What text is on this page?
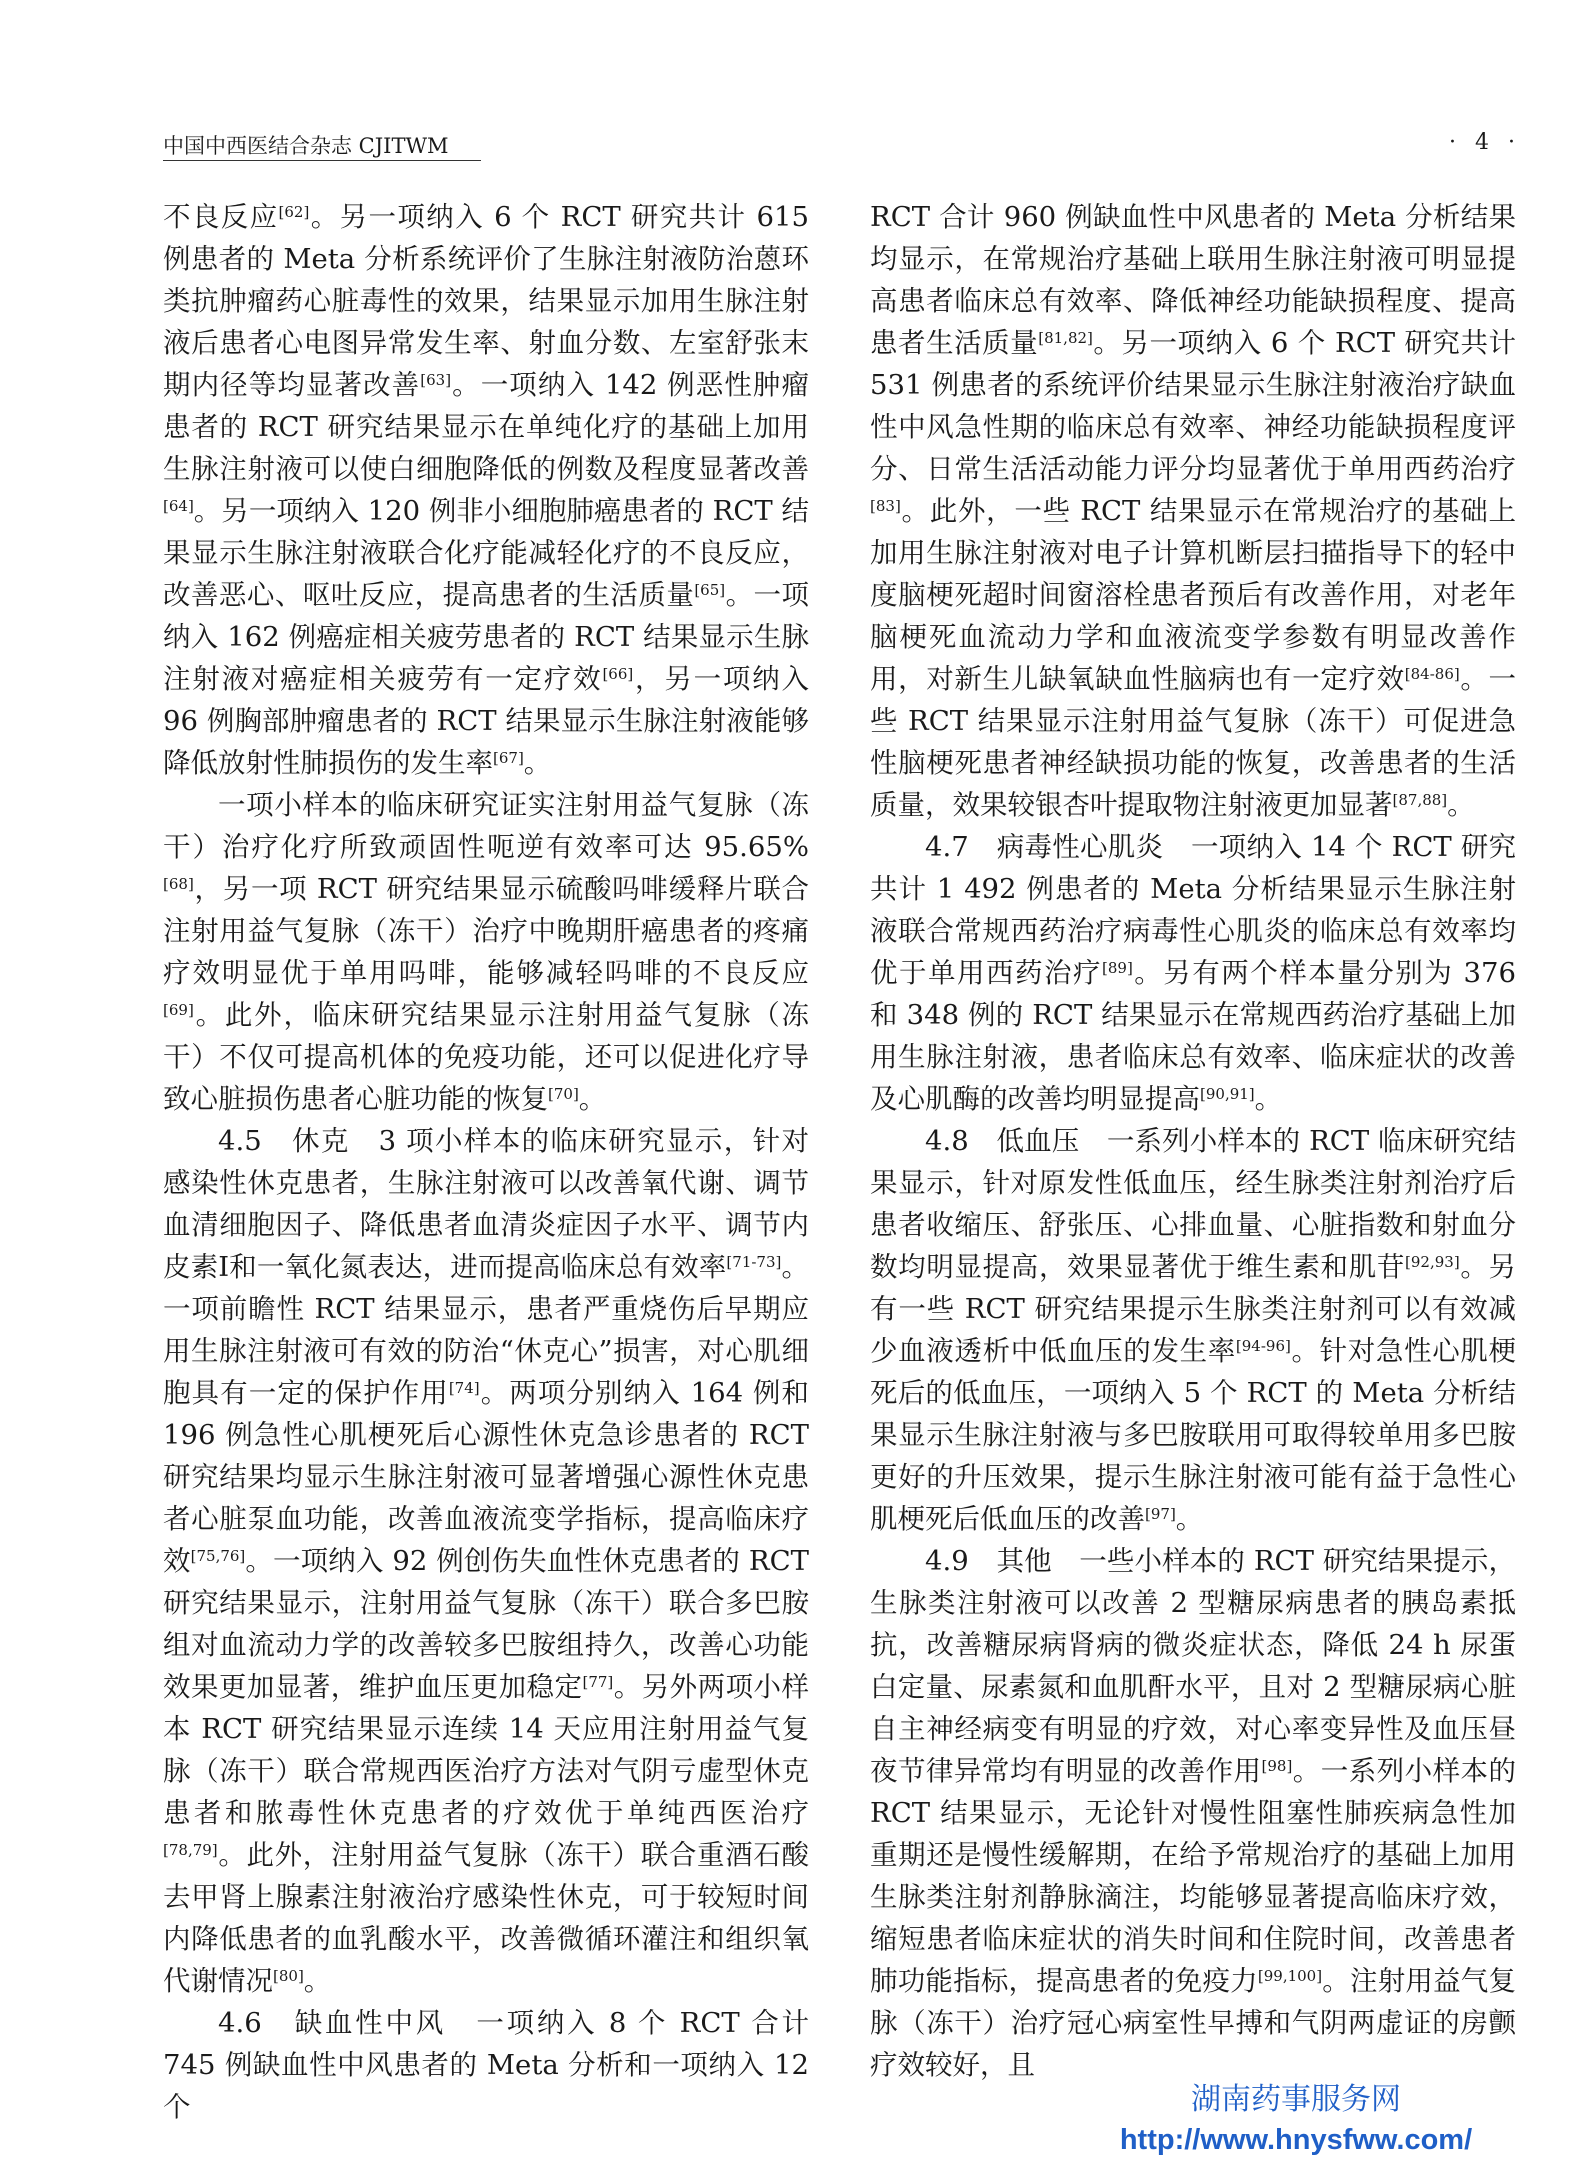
中国中西医结合杂志 CJITWM	· 4 ·

不良反应[62]。另一项纳入 6 个 RCT 研究共计 615 例患者的 Meta 分析系统评价了生脉注射液防治蒽环类抗肿瘤药心脏毒性的效果，结果显示加用生脉注射液后患者心电图异常发生率、射血分数、左室舒张末期内径等均显著改善[63]。一项纳入 142 例恶性肿瘤患者的 RCT 研究结果显示在单纯化疗的基础上加用生脉注射液可以使白细胞降低的例数及程度显著改善[64]。另一项纳入 120 例非小细胞肺癌患者的 RCT 结果显示生脉注射液联合化疗能减轻化疗的不良反应，改善恶心、呕吐反应，提高患者的生活质量[65]。一项纳入 162 例癌症相关疲劳患者的 RCT 结果显示生脉注射液对癌症相关疲劳有一定疗效[66]，另一项纳入 96 例胸部肿瘤患者的 RCT 结果显示生脉注射液能够降低放射性肺损伤的发生率[67]。

一项小样本的临床研究证实注射用益气复脉（冻干）治疗化疗所致顽固性呃逆有效率可达 95.65%[68]，另一项 RCT 研究结果显示硫酸吗啡缓释片联合注射用益气复脉（冻干）治疗中晚期肝癌患者的疼痛疗效明显优于单用吗啡，能够减轻吗啡的不良反应[69]。此外，临床研究结果显示注射用益气复脉（冻干）不仅可提高机体的免疫功能，还可以促进化疗导致心脏损伤患者心脏功能的恢复[70]。

4.5　休克　3 项小样本的临床研究显示，针对感染性休克患者，生脉注射液可以改善氧代谢、调节血清细胞因子、降低患者血清炎症因子水平、调节内皮素Ⅰ和一氧化氮表达，进而提高临床总有效率[71-73]。一项前瞻性 RCT 结果显示，患者严重烧伤后早期应用生脉注射液可有效的防治“休克心”损害，对心肌细胞具有一定的保护作用[74]。两项分别纳入 164 例和 196 例急性心肌梗死后心源性休克急诊患者的 RCT 研究结果均显示生脉注射液可显著增强心源性休克患者心脏泵血功能，改善血液流变学指标，提高临床疗效[75,76]。一项纳入 92 例创伤失血性休克患者的 RCT 研究结果显示，注射用益气复脉（冻干）联合多巴胺组对血流动力学的改善较多巴胺组持久，改善心功能效果更加显著，维护血压更加稳定[77]。另外两项小样本 RCT 研究结果显示连续 14 天应用注射用益气复脉（冻干）联合常规西医治疗方法对气阴亏虚型休克患者和脓毒性休克患者的疗效优于单纯西医治疗[78,79]。此外，注射用益气复脉（冻干）联合重酒石酸去甲肾上腺素注射液治疗感染性休克，可于较短时间内降低患者的血乳酸水平，改善微循环灌注和组织氧代谢情况[80]。

4.6　缺血性中风　一项纳入 8 个 RCT 合计 745 例缺血性中风患者的 Meta 分析和一项纳入 12 个

RCT 合计 960 例缺血性中风患者的 Meta 分析结果均显示，在常规治疗基础上联用生脉注射液可明显提高患者临床总有效率、降低神经功能缺损程度、提高患者生活质量[81,82]。另一项纳入 6 个 RCT 研究共计 531 例患者的系统评价结果显示生脉注射液治疗缺血性中风急性期的临床总有效率、神经功能缺损程度评分、日常生活活动能力评分均显著优于单用西药治疗[83]。此外，一些 RCT 结果显示在常规治疗的基础上加用生脉注射液对电子计算机断层扫描指导下的轻中度脑梗死超时间窗溶栓患者预后有改善作用，对老年脑梗死血流动力学和血液流变学参数有明显改善作用，对新生儿缺氧缺血性脑病也有一定疗效[84-86]。一些 RCT 结果显示注射用益气复脉（冻干）可促进急性脑梗死患者神经缺损功能的恢复，改善患者的生活质量，效果较银杏叶提取物注射液更加显著[87,88]。

4.7　病毒性心肌炎　一项纳入 14 个 RCT 研究共计 1 492 例患者的 Meta 分析结果显示生脉注射液联合常规西药治疗病毒性心肌炎的临床总有效率均优于单用西药治疗[89]。另有两个样本量分别为 376 和 348 例的 RCT 结果显示在常规西药治疗基础上加用生脉注射液，患者临床总有效率、临床症状的改善及心肌酶的改善均明显提高[90,91]。

4.8　低血压　一系列小样本的 RCT 临床研究结果显示，针对原发性低血压，经生脉类注射剂治疗后患者收缩压、舒张压、心排血量、心脏指数和射血分数均明显提高，效果显著优于维生素和肌苷[92,93]。另有一些 RCT 研究结果提示生脉类注射剂可以有效减少血液透析中低血压的发生率[94-96]。针对急性心肌梗死后的低血压，一项纳入 5 个 RCT 的 Meta 分析结果显示生脉注射液与多巴胺联用可取得较单用多巴胺更好的升压效果，提示生脉注射液可能有益于急性心肌梗死后低血压的改善[97]。

4.9　其他　一些小样本的 RCT 研究结果提示，生脉类注射液可以改善 2 型糖尿病患者的胰岛素抵抗，改善糖尿病肾病的微炎症状态，降低 24 h 尿蛋白定量、尿素氮和血肌酐水平，且对 2 型糖尿病心脏自主神经病变有明显的疗效，对心率变异性及血压昼夜节律异常均有明显的改善作用[98]。一系列小样本的 RCT 结果显示，无论针对慢性阻塞性肺疾病急性加重期还是慢性缓解期，在给予常规治疗的基础上加用生脉类注射剂静脉滴注，均能够显著提高临床疗效，缩短患者临床症状的消失时间和住院时间，改善患者肺功能指标，提高患者的免疫力[99,100]。注射用益气复脉（冻干）治疗冠心病室性早搏和气阴两虚证的房颤疗效较好，且

湖南药事服务网
http://www.hnysfww.com/
